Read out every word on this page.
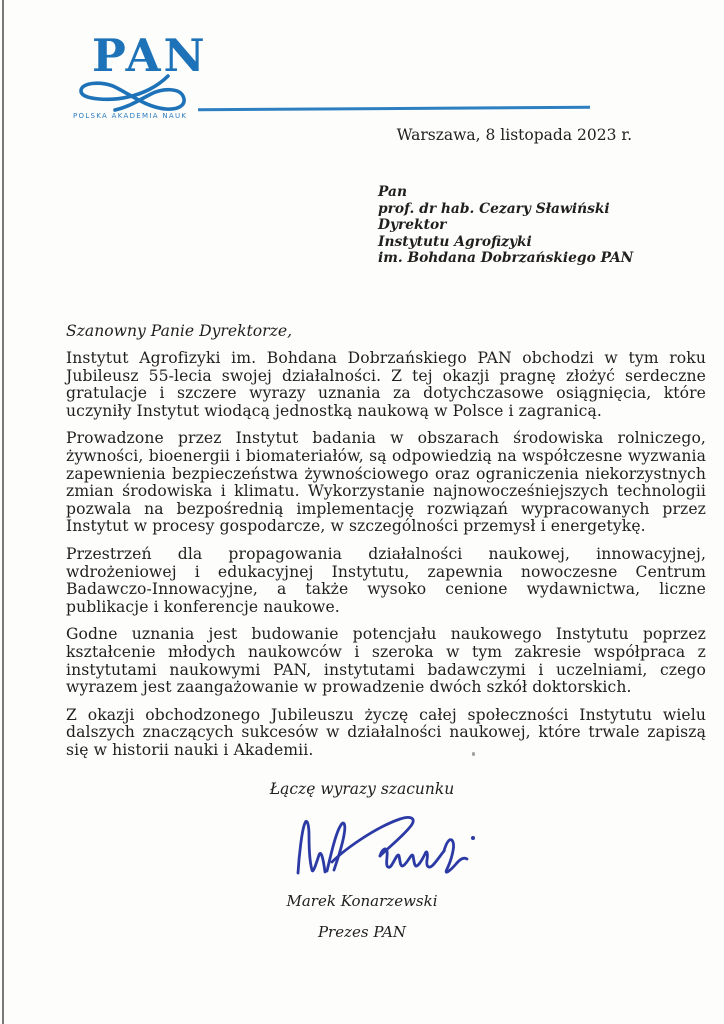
PAN
POLSKA AKADEMIA NAUK
Warszawa, 8 listopada 2023 r.
Pan
prof. dr hab. Cezary Sławiński
Dyrektor
Instytutu Agrofizyki
im. Bohdana Dobrzańskiego PAN
Szanowny Panie Dyrektorze,

Instytut Agrofizyki im. Bohdana Dobrzańskiego PAN obchodzi w tym roku Jubileusz 55-lecia swojej działalności. Z tej okazji pragnę złożyć serdeczne gratulacje i szczere wyrazy uznania za dotychczasowe osiągnięcia, które uczyniły Instytut wiodącą jednostką naukową w Polsce i zagranicą.

Prowadzone przez Instytut badania w obszarach środowiska rolniczego, żywności, bioenergii i biomateriałów, są odpowiedzią na współczesne wyzwania zapewnienia bezpieczeństwa żywnościowego oraz ograniczenia niekorzystnych zmian środowiska i klimatu. Wykorzystanie najnowocześniejszych technologii pozwala na bezpośrednią implementację rozwiązań wypracowanych przez Instytut w procesy gospodarcze, w szczególności przemysł i energetykę.

Przestrzeń dla propagowania działalności naukowej, innowacyjnej, wdrożeniowej i edukacyjnej Instytutu, zapewnia nowoczesne Centrum Badawczo-Innowacyjne, a także wysoko cenione wydawnictwa, liczne publikacje i konferencje naukowe.

Godne uznania jest budowanie potencjału naukowego Instytutu poprzez kształcenie młodych naukowców i szeroka w tym zakresie współpraca z instytutami naukowymi PAN, instytutami badawczymi i uczelniami, czego wyrazem jest zaangażowanie w prowadzenie dwóch szkół doktorskich.

Z okazji obchodzonego Jubileuszu życzę całej społeczności Instytutu wielu dalszych znaczących sukcesów w działalności naukowej, które trwale zapiszą się w historii nauki i Akademii.

Łączę wyrazy szacunku
Marek Konarzewski
Prezes PAN
